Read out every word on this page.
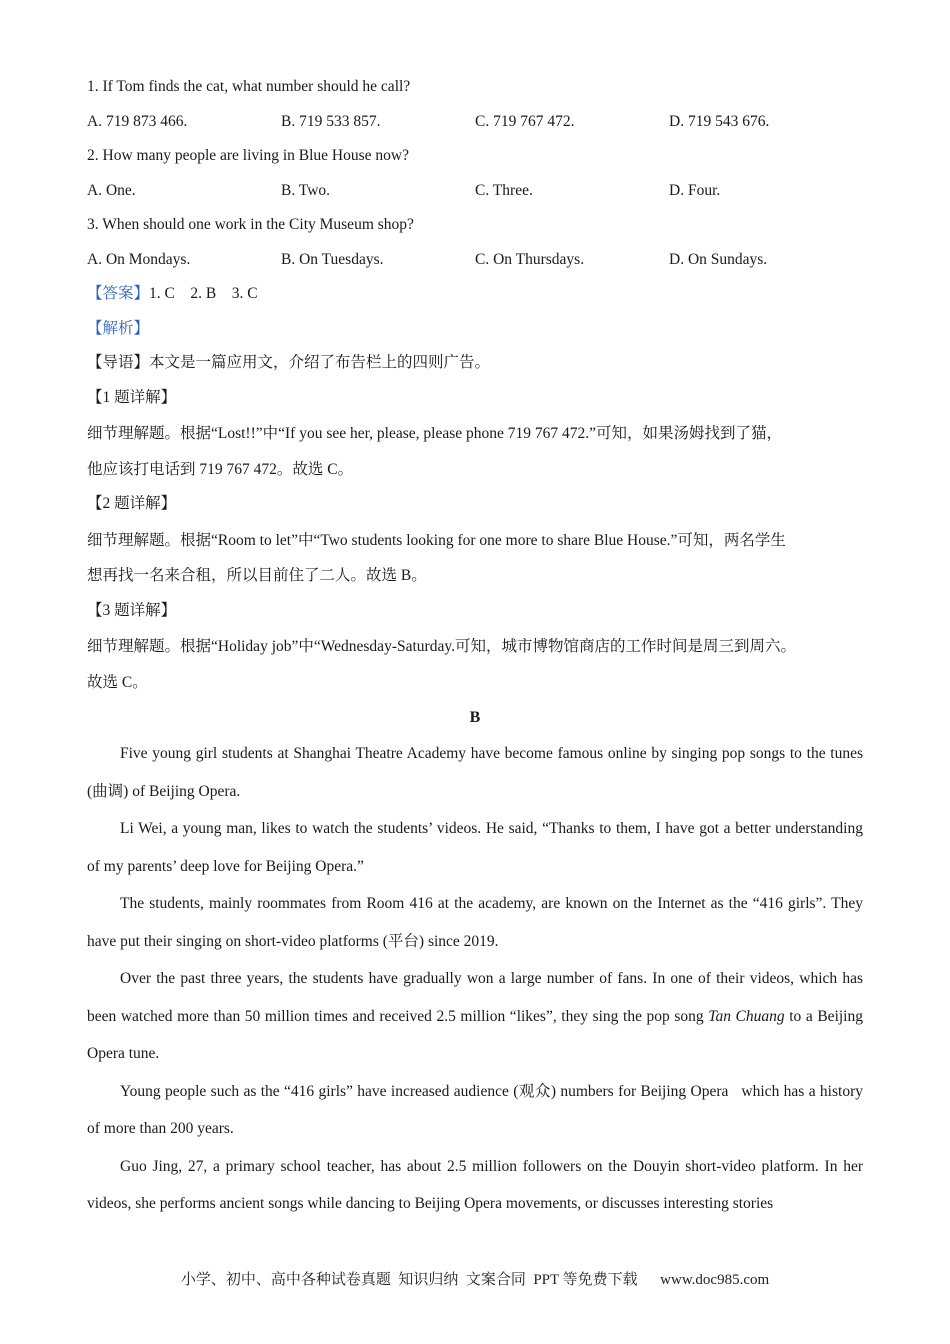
1. If Tom finds the cat, what number should he call?
A. 719 873 466.	B. 719 533 857.	C. 719 767 472.	D. 719 543 676.
2. How many people are living in Blue House now?
A. One.	B. Two.	C. Three.	D. Four.
3. When should one work in the City Museum shop?
A. On Mondays.	B. On Tuesdays.	C. On Thursdays.	D. On Sundays.
【答案】1. C    2. B    3. C
【解析】
【导语】本文是一篇应用文，介绍了布告栏上的四则广告。
【1 题详解】
细节理解题。根据“Lost!!”中“If you see her, please, please phone 719 767 472.”可知，如果汤姆找到了猫，
他应该打电话到 719 767 472。故选 C。
【2 题详解】
细节理解题。根据“Room to let”中“Two students looking for one more to share Blue House.”可知，两名学生
想再找一名来合租，所以目前住了二人。故选 B。
【3 题详解】
细节理解题。根据“Holiday job”中“Wednesday-Saturday.可知，城市博物馆商店的工作时间是周三到周六。
故选 C。
B
Five young girl students at Shanghai Theatre Academy have become famous online by singing pop songs to the tunes (曲调) of Beijing Opera.
Li Wei, a young man, likes to watch the students’ videos. He said, “Thanks to them, I have got a better understanding of my parents’ deep love for Beijing Opera.”
The students, mainly roommates from Room 416 at the academy, are known on the Internet as the “416 girls”. They have put their singing on short-video platforms (平台) since 2019.
Over the past three years, the students have gradually won a large number of fans. In one of their videos, which has been watched more than 50 million times and received 2.5 million “likes”, they sing the pop song Tan Chuang to a Beijing Opera tune.
Young people such as the “416 girls” have increased audience (观众) numbers for Beijing Opera   which has a history of more than 200 years.
Guo Jing, 27, a primary school teacher, has about 2.5 million followers on the Douyin short-video platform. In her videos, she performs ancient songs while dancing to Beijing Opera movements, or discusses interesting stories
小学、初中、高中各种试卷真题  知识归纳  文案合同  PPT 等免费下载      www.doc985.com
